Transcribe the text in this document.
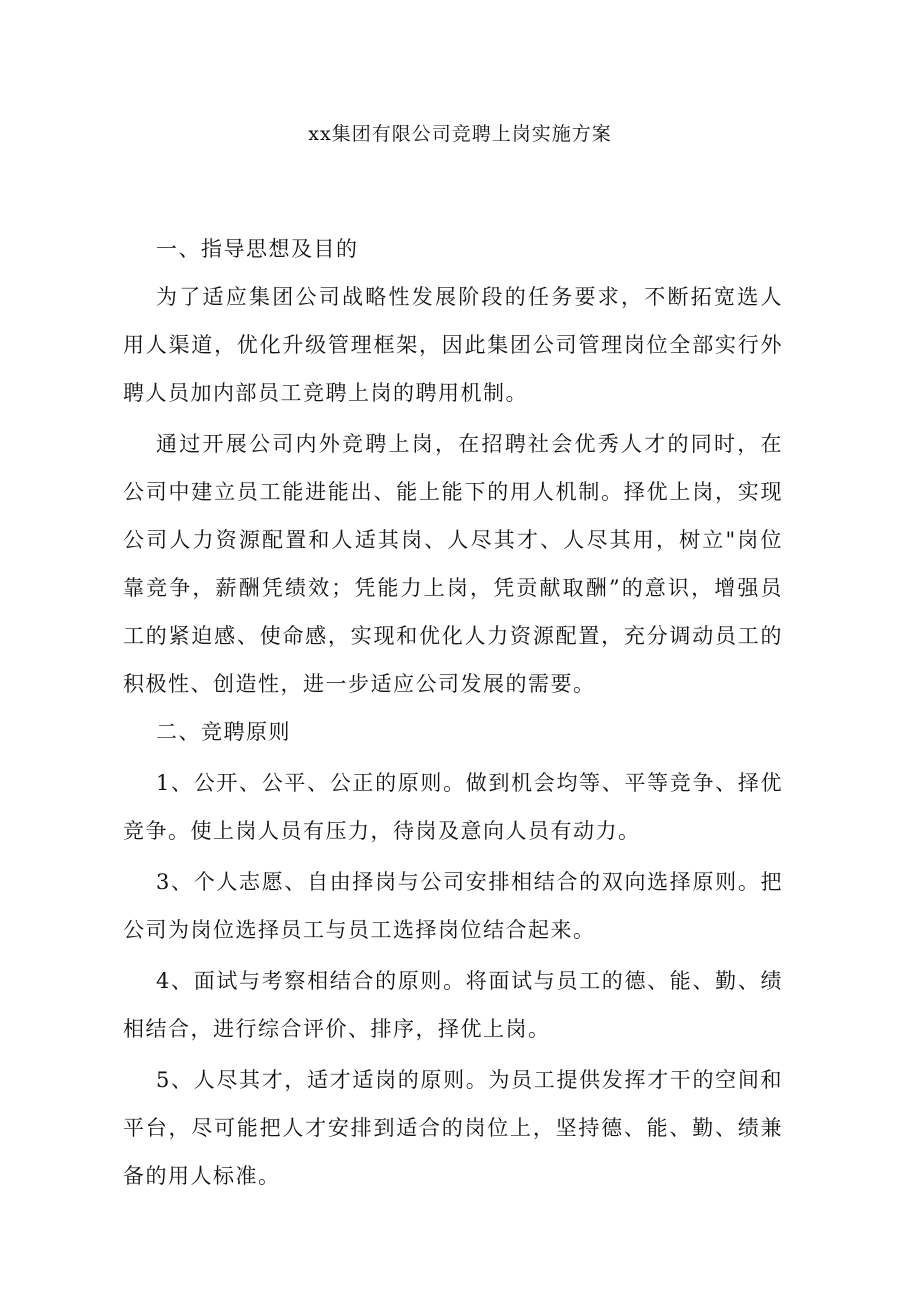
xx集团有限公司竞聘上岗实施方案

一、指导思想及目的

为了适应集团公司战略性发展阶段的任务要求，不断拓宽选人用人渠道，优化升级管理框架，因此集团公司管理岗位全部实行外聘人员加内部员工竞聘上岗的聘用机制。

通过开展公司内外竞聘上岗，在招聘社会优秀人才的同时，在公司中建立员工能进能出、能上能下的用人机制。择优上岗，实现公司人力资源配置和人适其岗、人尽其才、人尽其用，树立"岗位靠竞争，薪酬凭绩效；凭能力上岗，凭贡献取酬”的意识，增强员工的紧迫感、使命感，实现和优化人力资源配置，充分调动员工的积极性、创造性，进一步适应公司发展的需要。

二、竞聘原则

1、公开、公平、公正的原则。做到机会均等、平等竞争、择优竞争。使上岗人员有压力，待岗及意向人员有动力。

3、个人志愿、自由择岗与公司安排相结合的双向选择原则。把公司为岗位选择员工与员工选择岗位结合起来。

4、面试与考察相结合的原则。将面试与员工的德、能、勤、绩相结合，进行综合评价、排序，择优上岗。

5、人尽其才，适才适岗的原则。为员工提供发挥才干的空间和平台，尽可能把人才安排到适合的岗位上，坚持德、能、勤、绩兼备的用人标准。
